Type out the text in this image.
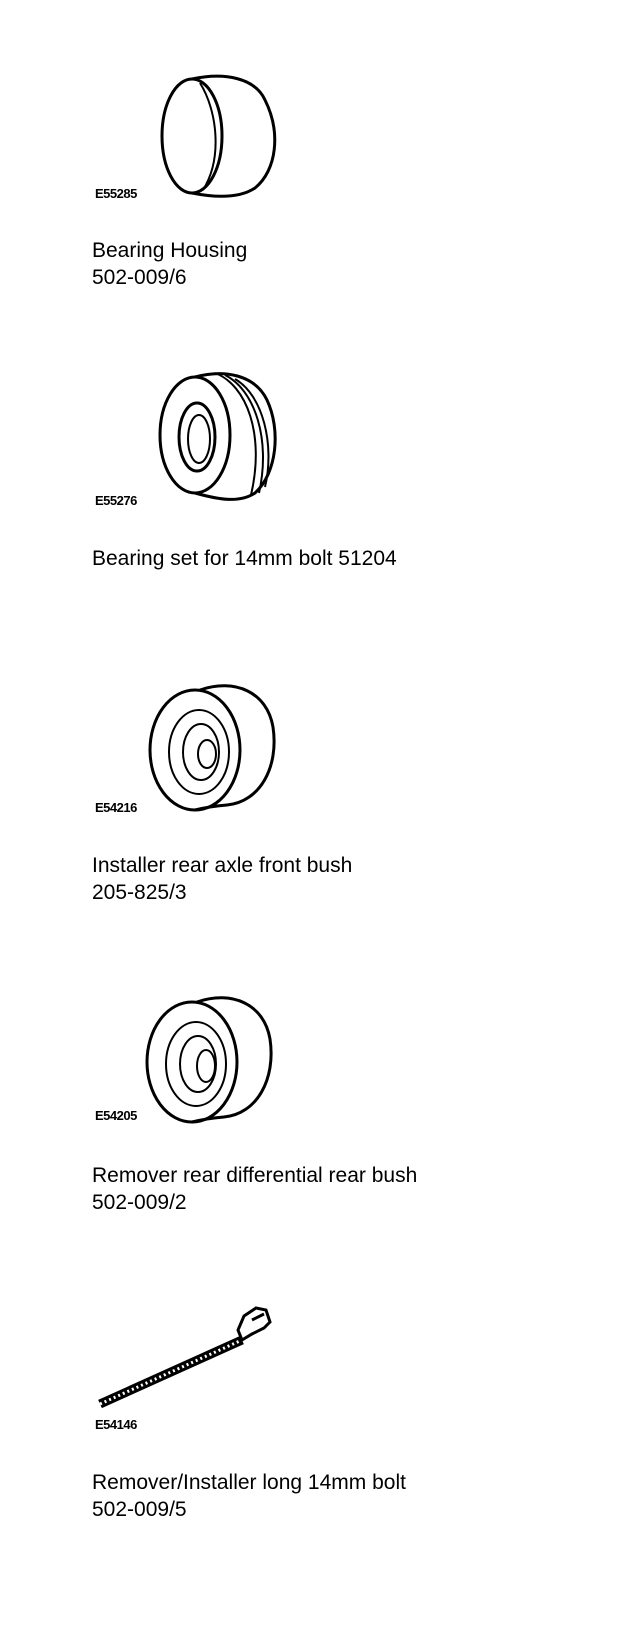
E55285
Bearing Housing
502-009/6
E55276
Bearing set for 14mm bolt 51204
E54216
Installer rear axle front bush
205-825/3
E54205
Remover rear differential rear bush
502-009/2
E54146
Remover/Installer long 14mm bolt
502-009/5
